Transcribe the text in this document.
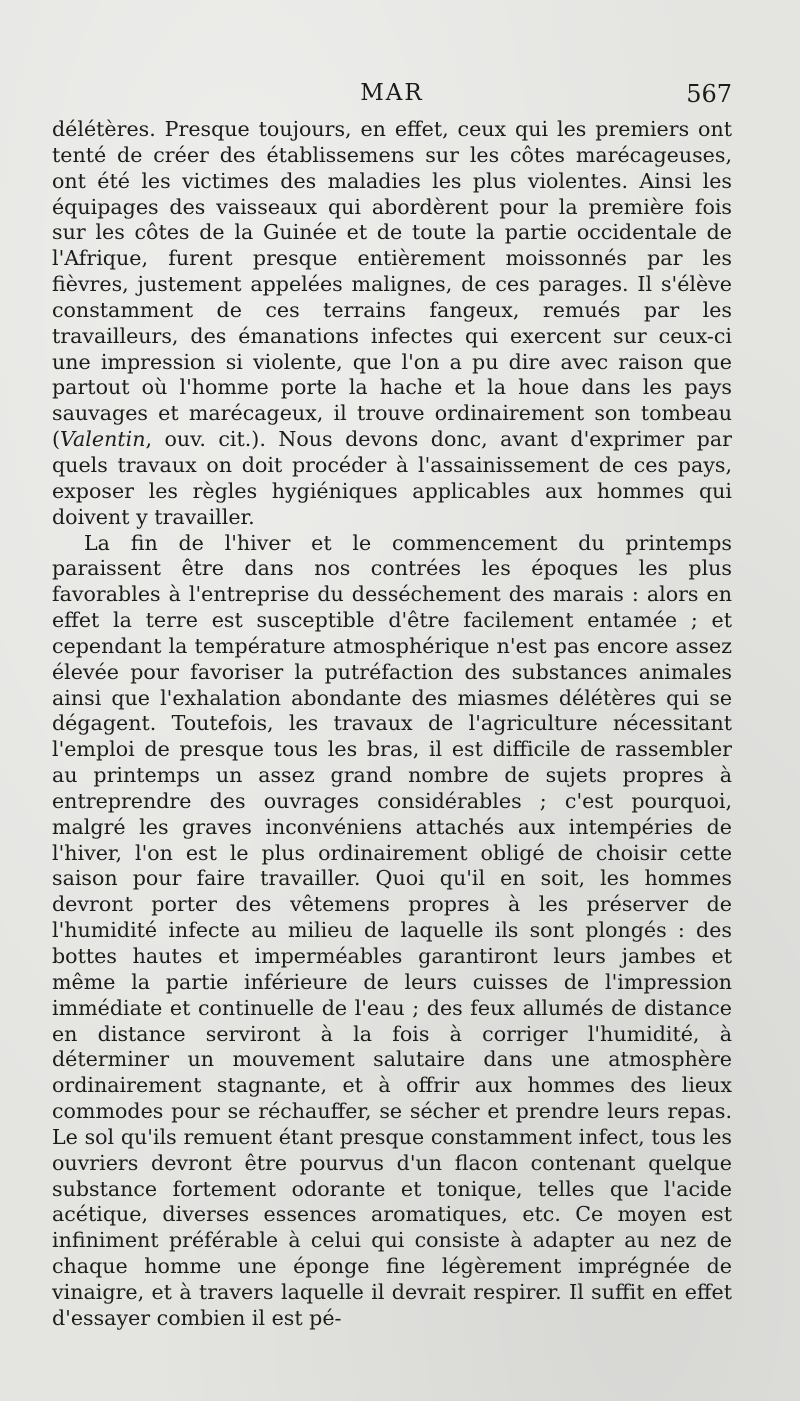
MAR	567

délétères. Presque toujours, en effet, ceux qui les premiers ont tenté de créer des établissemens sur les côtes marécageuses, ont été les victimes des maladies les plus violentes. Ainsi les équipages des vaisseaux qui abordèrent pour la première fois sur les côtes de la Guinée et de toute la partie occidentale de l'Afrique, furent presque entièrement moissonnés par les fièvres, justement appelées malignes, de ces parages. Il s'élève constamment de ces terrains fangeux, remués par les travailleurs, des émanations infectes qui exercent sur ceux-ci une impression si violente, que l'on a pu dire avec raison que partout où l'homme porte la hache et la houe dans les pays sauvages et marécageux, il trouve ordinairement son tombeau (Valentin, ouv. cit.). Nous devons donc, avant d'exprimer par quels travaux on doit procéder à l'assainissement de ces pays, exposer les règles hygiéniques applicables aux hommes qui doivent y travailler.

La fin de l'hiver et le commencement du printemps paraissent être dans nos contrées les époques les plus favorables à l'entreprise du desséchement des marais : alors en effet la terre est susceptible d'être facilement entamée ; et cependant la température atmosphérique n'est pas encore assez élevée pour favoriser la putréfaction des substances animales ainsi que l'exhalation abondante des miasmes délétères qui se dégagent. Toutefois, les travaux de l'agriculture nécessitant l'emploi de presque tous les bras, il est difficile de rassembler au printemps un assez grand nombre de sujets propres à entreprendre des ouvrages considérables ; c'est pourquoi, malgré les graves inconvéniens attachés aux intempéries de l'hiver, l'on est le plus ordinairement obligé de choisir cette saison pour faire travailler. Quoi qu'il en soit, les hommes devront porter des vêtemens propres à les préserver de l'humidité infecte au milieu de laquelle ils sont plongés : des bottes hautes et imperméables garantiront leurs jambes et même la partie inférieure de leurs cuisses de l'impression immédiate et continuelle de l'eau ; des feux allumés de distance en distance serviront à la fois à corriger l'humidité, à déterminer un mouvement salutaire dans une atmosphère ordinairement stagnante, et à offrir aux hommes des lieux commodes pour se réchauffer, se sécher et prendre leurs repas. Le sol qu'ils remuent étant presque constamment infect, tous les ouvriers devront être pourvus d'un flacon contenant quelque substance fortement odorante et tonique, telles que l'acide acétique, diverses essences aromatiques, etc. Ce moyen est infiniment préférable à celui qui consiste à adapter au nez de chaque homme une éponge fine légèrement imprégnée de vinaigre, et à travers laquelle il devrait respirer. Il suffit en effet d'essayer combien il est pé-
